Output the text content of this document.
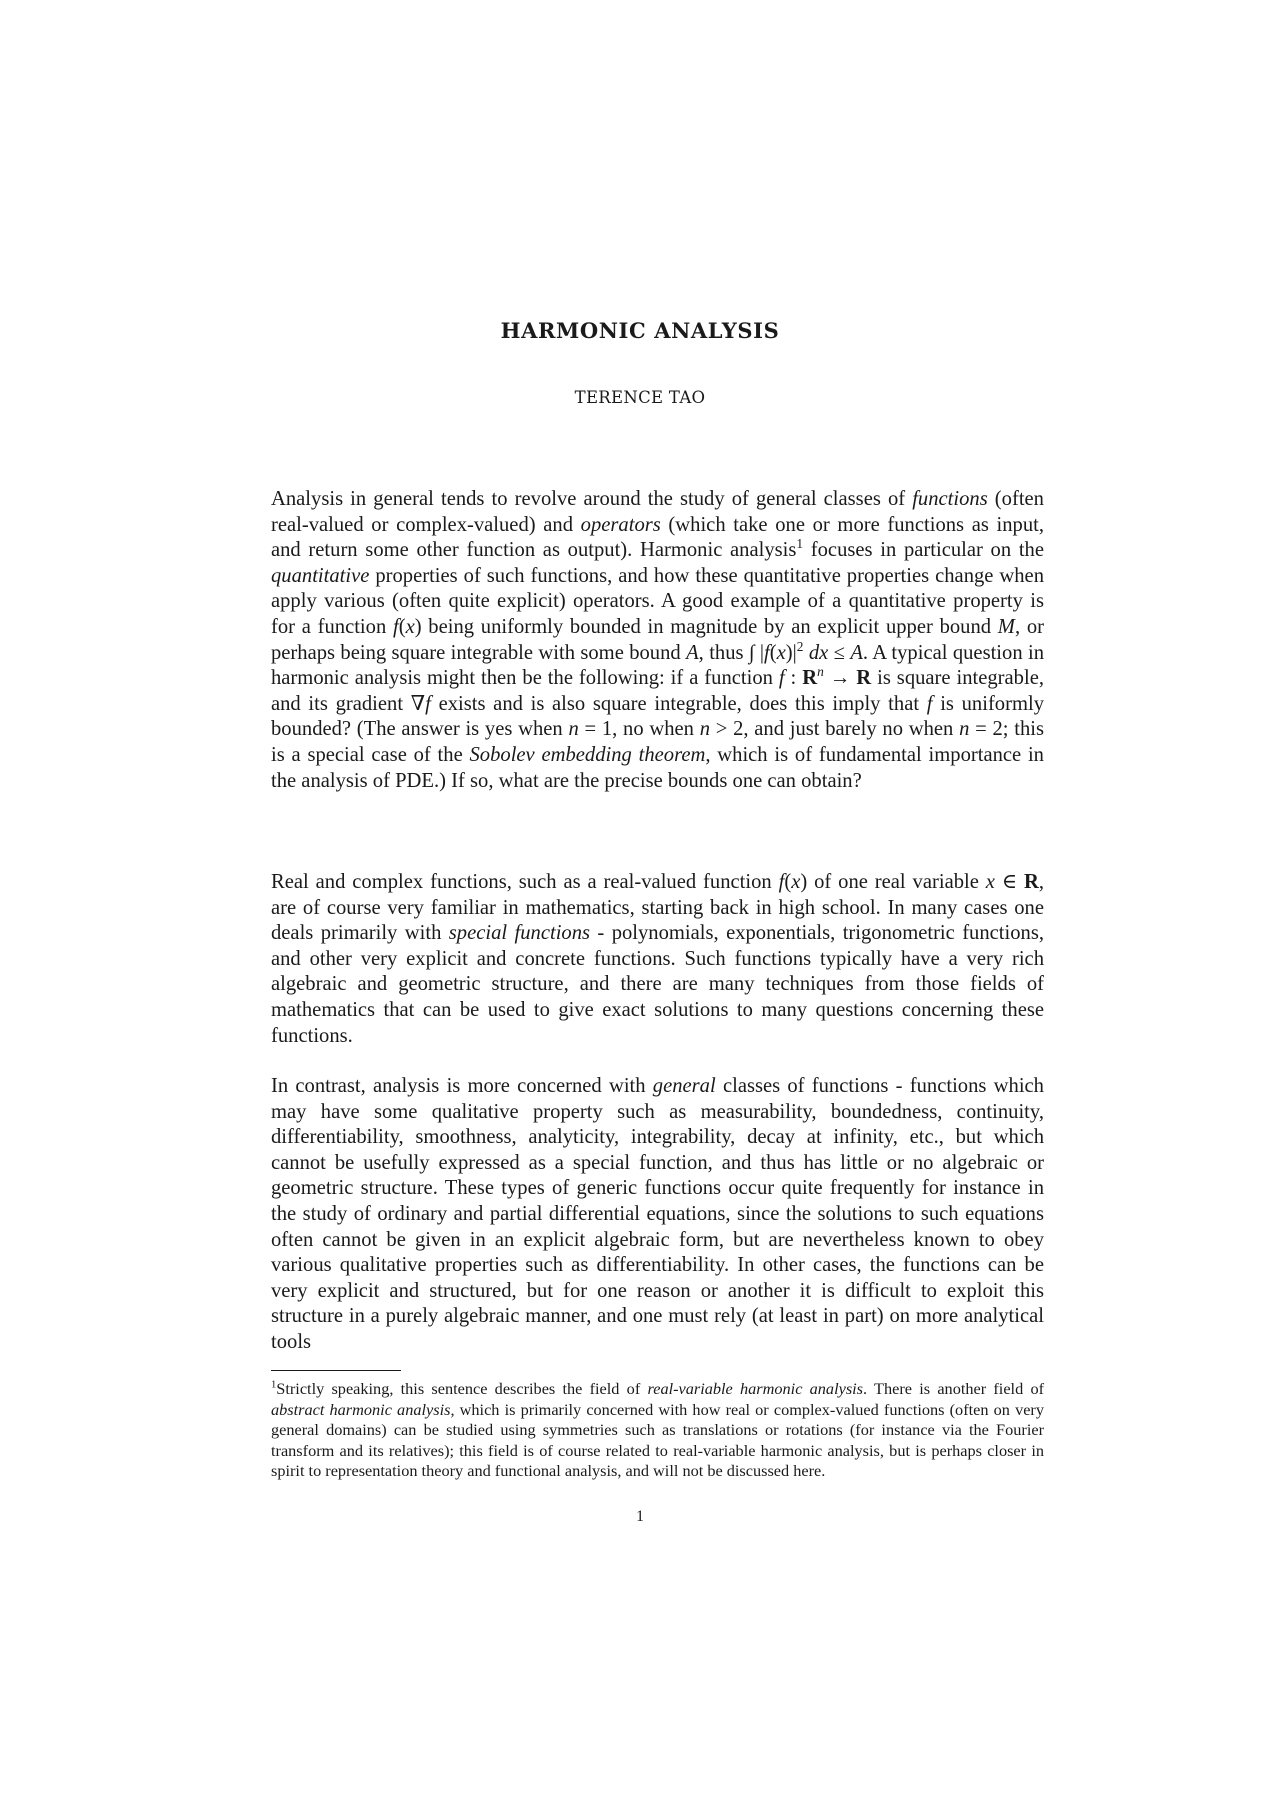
HARMONIC ANALYSIS
TERENCE TAO

Analysis in general tends to revolve around the study of general classes of functions (often real-valued or complex-valued) and operators (which take one or more functions as input, and return some other function as output). Harmonic analysis$^1$ focuses in particular on the quantitative properties of such functions, and how these quantitative properties change when apply various (often quite explicit) operators. A good example of a quantitative property is for a function f(x) being uniformly bounded in magnitude by an explicit upper bound M, or perhaps being square integrable with some bound A, thus ∫ $|f(x)|^2$ dx ≤ A. A typical question in harmonic analysis might then be the following: if a function f : $R^n \to R$ is square integrable, and its gradient ∇f exists and is also square integrable, does this imply that f is uniformly bounded? (The answer is yes when n = 1, no when n > 2, and just barely no when n = 2; this is a special case of the Sobolev embedding theorem, which is of fundamental importance in the analysis of PDE.) If so, what are the precise bounds one can obtain?

Real and complex functions, such as a real-valued function f(x) of one real variable x ∈ R, are of course very familiar in mathematics, starting back in high school. In many cases one deals primarily with special functions - polynomials, exponentials, trigonometric functions, and other very explicit and concrete functions. Such functions typically have a very rich algebraic and geometric structure, and there are many techniques from those fields of mathematics that can be used to give exact solutions to many questions concerning these functions.

In contrast, analysis is more concerned with general classes of functions - functions which may have some qualitative property such as measurability, boundedness, continuity, differentiability, smoothness, analyticity, integrability, decay at infinity, etc., but which cannot be usefully expressed as a special function, and thus has little or no algebraic or geometric structure. These types of generic functions occur quite frequently for instance in the study of ordinary and partial differential equations, since the solutions to such equations often cannot be given in an explicit algebraic form, but are nevertheless known to obey various qualitative properties such as differentiability. In other cases, the functions can be very explicit and structured, but for one reason or another it is difficult to exploit this structure in a purely algebraic manner, and one must rely (at least in part) on more analytical tools

$^1$Strictly speaking, this sentence describes the field of real-variable harmonic analysis. There is another field of abstract harmonic analysis, which is primarily concerned with how real or complex-valued functions (often on very general domains) can be studied using symmetries such as translations or rotations (for instance via the Fourier transform and its relatives); this field is of course related to real-variable harmonic analysis, but is perhaps closer in spirit to representation theory and functional analysis, and will not be discussed here.
1
